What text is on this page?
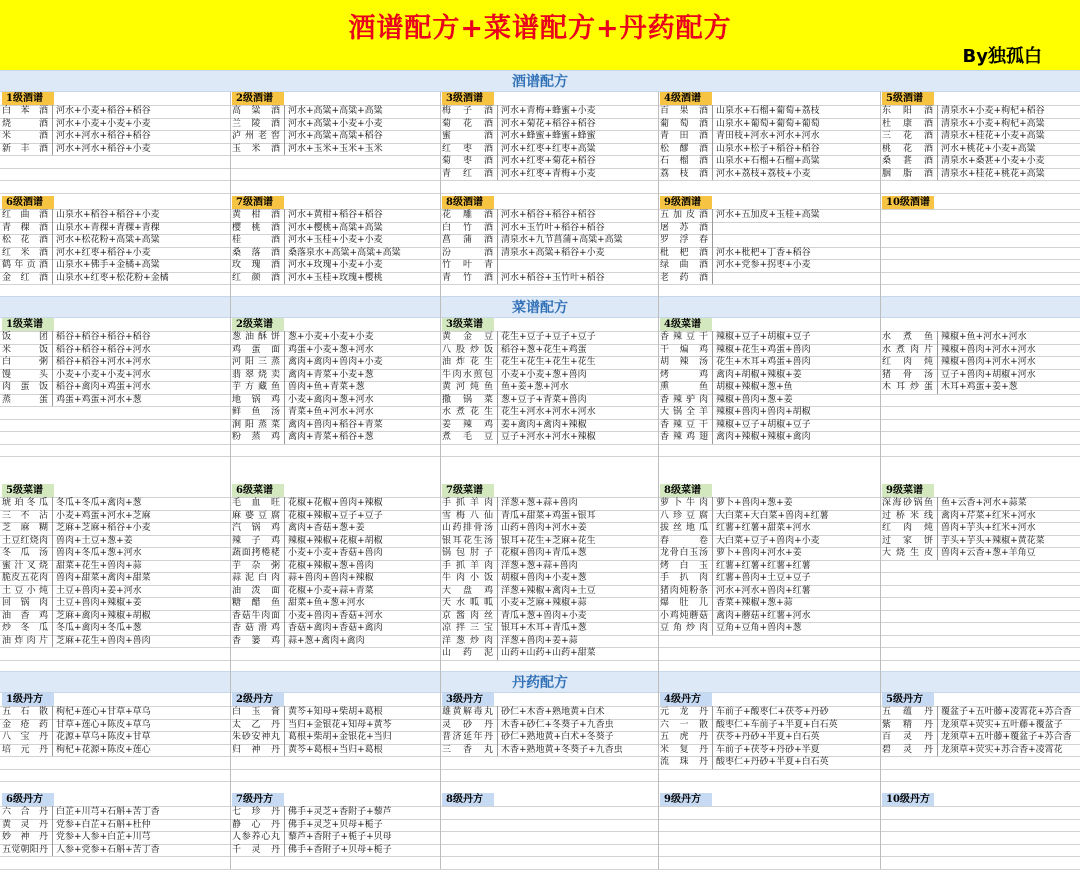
酒谱配方+菜谱配方+丹药配方
By独孤白
酒谱配方
1级酒谱
白 苯 酒 河水+小麦+稻谷+稻谷
烧 酒 河水+小麦+小麦+小麦
米 酒 河水+河水+稻谷+稻谷
新 丰 酒 河水+河水+稻谷+小麦
2级酒谱
高 粱 酒 河水+高粱+高粱+高粱
兰 陵 酒 河水+高粱+小麦+小麦
泸州老窖 河水+高粱+高粱+稻谷
玉 米 酒 河水+玉米+玉米+玉米
3级酒谱
梅 子 酒 河水+青梅+蜂蜜+小麦
菊 花 酒 河水+菊花+稻谷+稻谷
蜜 酒 河水+蜂蜜+蜂蜜+蜂蜜
红 枣 酒 河水+红枣+红枣+高粱
菊 枣 酒 河水+红枣+菊花+稻谷
青 红 酒 河水+红枣+青梅+小麦
4级酒谱
百 果 酒 山泉水+石榴+葡萄+荔枝
葡 萄 酒 山泉水+葡萄+葡萄+葡萄
青 田 酒 青田枝+河水+河水+河水
松 醪 酒 山泉水+松子+稻谷+稻谷
石 榴 酒 山泉水+石榴+石榴+高粱
荔 枝 酒 河水+荔枝+荔枝+小麦
5级酒谱
东 阳 酒 清泉水+小麦+枸杞+稻谷
杜 康 酒 清泉水+小麦+枸杞+高粱
三 花 酒 清泉水+桂花+小麦+高粱
桃 花 酒 河水+桃花+小麦+高粱
桑 葚 酒 清泉水+桑葚+小麦+小麦
胭 脂 酒 清泉水+桂花+桃花+高粱
6级酒谱
红 曲 酒 山泉水+稻谷+稻谷+小麦
青 稞 酒 山泉水+青稞+青稞+青稞
松 花 酒 河水+松花粉+高粱+高粱
红 米 酒 河水+红枣+稻谷+小麦
鹤年贡酒 山泉水+佛手+金橘+高粱
金 红 酒 山泉水+红枣+松花粉+金橘
7级酒谱
黄 柑 酒 河水+黄柑+稻谷+稻谷
樱 桃 酒 河水+樱桃+高粱+高粱
桂 酒 河水+玉桂+小麦+小麦
桑 落 酒 桑落泉水+高粱+高粱+高粱
玫 瑰 酒 河水+玫瑰+小麦+小麦
红 颜 酒 河水+玉桂+玫瑰+樱桃
8级酒谱
花 雕 酒 河水+稻谷+稻谷+稻谷
白 竹 酒 河水+玉竹叶+稻谷+稻谷
菖 蒲 酒 清泉水+九节菖蒲+高粱+高粱
汾 酒 清泉水+高粱+稻谷+小麦
竹 叶 青
青 竹 酒 河水+稻谷+玉竹叶+稻谷
9级酒谱
五加皮酒 河水+五加皮+玉桂+高粱
屠 苏 酒
罗 浮 春
枇 杷 酒 河水+枇杷+丁香+稻谷
绿 曲 酒 河水+党参+拐枣+小麦
老 药 酒
10级酒谱
菜谱配方
1级菜谱
饭 团 稻谷+稻谷+稻谷+稻谷
米 饭 稻谷+稻谷+稻谷+河水
白 粥 稻谷+稻谷+河水+河水
馒 头 小麦+小麦+小麦+河水
肉 蛋 饭 稻谷+禽肉+鸡蛋+河水
蒸 蛋 鸡蛋+鸡蛋+河水+葱
2级菜谱
葱油酥饼 葱+小麦+小麦+小麦
鸡 蛋 面 鸡蛋+小麦+葱+河水
河阳三蒸 禽肉+禽肉+兽肉+小麦
翡翠烧卖 禽肉+青菜+小麦+葱
芋方藏鱼 兽肉+鱼+青菜+葱
地 锅 鸡 小麦+禽肉+葱+河水
鲜 鱼 汤 青菜+鱼+河水+河水
涧阳蒸菜 禽肉+兽肉+稻谷+青菜
粉 蒸 鸡 禽肉+青菜+稻谷+葱
3级菜谱
黄 金 豆 花生+豆子+豆子+豆子
八股炒饭 稻谷+葱+花生+鸡蛋
油炸花生 花生+花生+花生+花生
牛肉水煎包 小麦+小麦+葱+兽肉
黄河炖鱼 鱼+姜+葱+河水
撒 锅 菜 葱+豆子+青菜+兽肉
水煮花生 花生+河水+河水+河水
姜 辣 鸡 姜+禽肉+禽肉+辣椒
煮 毛 豆 豆子+河水+河水+辣椒
4级菜谱
香辣豆干 辣椒+豆子+胡椒+豆子
干 煸 鸡 辣椒+花生+鸡蛋+兽肉
胡 辣 汤 花生+木耳+鸡蛋+兽肉
烤 鸡 禽肉+胡椒+辣椒+姜
熏 鱼 胡椒+辣椒+葱+鱼
香辣驴肉 辣椒+兽肉+葱+姜
大锅全羊 辣椒+兽肉+兽肉+胡椒
香辣豆干 辣椒+豆子+胡椒+豆子
香辣鸡翅 禽肉+辣椒+辣椒+禽肉
水 煮 鱼 辣椒+鱼+河水+河水
水煮肉片 辣椒+兽肉+河水+河水
红 肉 炖 辣椒+兽肉+河水+河水
猪 骨 汤 豆子+兽肉+胡椒+河水
木耳炒蛋 木耳+鸡蛋+姜+葱
5级菜谱
琥珀冬瓜 冬瓜+冬瓜+禽肉+葱
三 不 沾 小麦+鸡蛋+河水+芝麻
芝 麻 糊 芝麻+芝麻+稻谷+小麦
土豆红烧肉 兽肉+土豆+葱+姜
冬 瓜 汤 兽肉+冬瓜+葱+河水
蜜汁叉烧 甜菜+花生+兽肉+蒜
脆皮五花肉 兽肉+甜菜+禽肉+甜菜
土豆小炖 土豆+兽肉+姜+河水
回 锅 肉 土豆+兽肉+辣椒+姜
油 香 鸡 芝麻+禽肉+辣椒+胡椒
炒 冬 瓜 冬瓜+禽肉+冬瓜+葱
油炸肉片 芝麻+花生+兽肉+兽肉
6级菜谱
毛 血 旺 花椒+花椒+兽肉+辣椒
麻婆豆腐 花椒+辣椒+豆子+豆子
汽 锅 鸡 禽肉+香菇+葱+姜
辣 子 鸡 辣椒+辣椒+花椒+胡椒
蔬面拷棬栳 小麦+小麦+香菇+兽肉
芋 杂 粥 花椒+辣椒+葱+兽肉
蒜泥白肉 蒜+兽肉+兽肉+辣椒
油 泼 面 花椒+小麦+蒜+青菜
糖 醋 鱼 甜菜+鱼+葱+河水
香菇牛肉面 小麦+兽肉+香菇+河水
香菇滑鸡 香菇+禽肉+香菇+禽肉
香 篓 鸡 蒜+葱+禽肉+禽肉
7级菜谱
手抓羊肉 洋葱+葱+蒜+兽肉
雪梅八仙 青瓜+甜菜+鸡蛋+银耳
山药排骨汤 山药+兽肉+河水+姜
银耳花生汤 银耳+花生+芝麻+花生
锅包肘子 花椒+兽肉+青瓜+葱
手抓羊肉 洋葱+葱+蒜+兽肉
牛肉小饭 胡椒+兽肉+小麦+葱
大 盘 鸡 洋葱+辣椒+禽肉+土豆
天水呱呱 小麦+芝麻+辣椒+蒜
京酱肉丝 青瓜+葱+兽肉+小麦
凉拌三宝 银耳+木耳+青瓜+葱
洋葱炒肉 洋葱+兽肉+姜+蒜
山 药 泥 山药+山药+山药+甜菜
8级菜谱
萝卜牛肉 萝卜+兽肉+葱+姜
八珍豆腐 大白菜+大白菜+兽肉+红薯
拔丝地瓜 红薯+红薯+甜菜+河水
春 卷 大白菜+豆子+兽肉+小麦
龙骨白玉汤 萝卜+兽肉+河水+姜
烤 白 玉 红薯+红薯+红薯+红薯
手 扒 肉 红薯+兽肉+土豆+豆子
猪肉炖粉条 河水+河水+兽肉+红薯
爆 肚 儿 香菜+辣椒+葱+蒜
小鸡炖蘑菇 禽肉+蘑菇+红薯+河水
豆角炒肉 豆角+豆角+兽肉+葱
9级菜谱
深海砂锅鱼 鱼+云香+河水+蒜菜
过桥米线 禽肉+芹菜+红米+河水
红 肉 炖 兽肉+芋头+红米+河水
过 家 饼 芋头+芋头+辣椒+黄花菜
大烧生皮 兽肉+云香+葱+羊角豆
丹药配方
1级丹方
五 石 散 枸杞+莲心+甘草+草乌
金 疮 药 甘草+莲心+陈皮+草乌
八 宝 丹 花源+草乌+陈皮+甘草
培 元 丹 枸杞+花源+陈皮+莲心
2级丹方
白 玉 膏 黄芩+知母+柴胡+葛根
太 乙 丹 当归+金银花+知母+黄芩
朱砂安神丸 葛根+柴胡+金银花+当归
归 神 丹 黄芩+葛根+当归+葛根
3级丹方
雄黄解毒丸 砂仁+木香+熟地黄+白术
灵 砂 丹 木香+砂仁+冬葵子+九香虫
普济延年丹 砂仁+熟地黄+白术+冬葵子
三 香 丸 木香+熟地黄+冬葵子+九香虫
4级丹方
元 龙 丹 车前子+酸枣仁+茯苓+丹砂
六 一 散 酸枣仁+车前子+半夏+白石英
五 虎 丹 茯苓+丹砂+半夏+白石英
米 复 丹 车前子+茯苓+丹砂+半夏
流 珠 丹 酸枣仁+丹砂+半夏+白石英
5级丹方
五 蕴 丹 覆盆子+五叶藤+凌霄花+苏合香
紫 精 丹 龙须草+荧实+五叶藤+覆盆子
百 灵 丹 龙须草+五叶藤+覆盆子+苏合香
碧 灵 丹 龙须草+荧实+苏合香+凌霄花
6级丹方
六 合 丹 白芷+川芎+石斛+苦丁香
黄 灵 丹 党参+白芷+石斛+杜仲
妙 神 丹 党参+人参+白芷+川芎
五觉朝阳丹 人参+党参+石斛+苦丁香
7级丹方
七 珍 丹 佛手+灵芝+香附子+藜芦
静 心 丹 佛手+灵芝+贝母+栀子
人参养心丸 藜芦+香附子+栀子+贝母
千 灵 丹 佛手+香附子+贝母+栀子
8级丹方	9级丹方	10级丹方
